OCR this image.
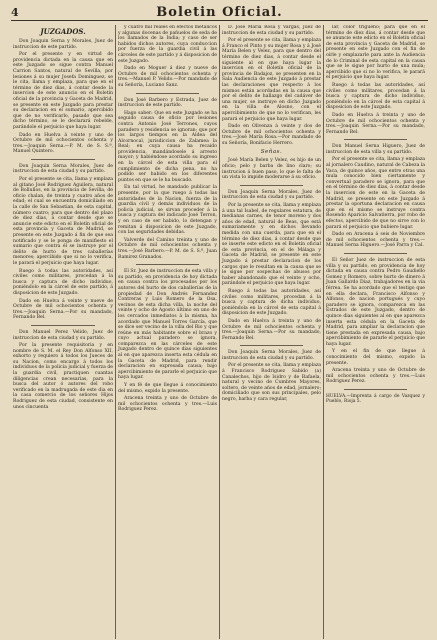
4	Boletin Oficial.
JUZGADOS.

Don Joaquin Serna y Morales, Juez de instruccion de este partido.

Por el presente y en virtud de providencia dictada en la causa que en este Juzgado se sigue contra Manuel Carrion Santos, natural de Sevilla, por lesiones á su mujer Josefa Dominguez, se le cita, llama y emplaza, para que en el término de diez dias, á contar desde la insercion de este anuncio en el Boletín oficial de la provincia y Gaceta de Madrid, se presente en este Juzgado para prestar su declaracion en el sumario, apercibido que de no verificarlo, pasado que sea dicho término, se le declarará rebelde, parándole el perjuicio que haya lugar.

Dado en Huelva á veinte y uno de Octubre de mil ochocientos ochenta y tres.—Joaquin Serna.—P. M. de S. S.ª, Manuel Quintero.

Don Joaquin Serna Morales, Juez de instruccion de esta ciudad y su partido.

Por el presente se cita, llama y emplaza al gitano José Rodriguez Aguilera, natural de Bollullos, en la provincia de Sevilla, de oficio chalan, de treinta y cuatro años de edad; el cual se encuentra domiciliado en la calle de San Sebastian, de esta capital, número cuatro; para que dentro del plazo de diez dias, á contar desde que se anuncie este edicto en el Boletín oficial de esta provincia y Gaceta de Madrid, se presente en este Juzgado á fin de que sea notificado y se le ponga de manifiesto el sumario que contra él se instruye por el delito de hurto de tres caballerías menores; apercibido que si no lo verifica, le parará el perjuicio que haya lugar.

Ruego á todas las autoridades, así civiles como militares, procedan á la busca y captura de dicho individuo, poniéndolo en la cárcel de este partido, á disposicion de este Juzgado.

Dado en Huelva á veinte y nueve de Octubre de mil ochocientos ochenta y tres.—Joaquin Serna.—Por su mandado, Fernando Bel.

Don Manuel Perez Velido, Juez de instruccion de esta ciudad y su partido.

Por la presente requisitoria y en nombre de S. M. el Rey Don Alfonso XII, exhorto y requiero á todos los Jueces de su Nacion, como encargo á todos los individuos de la policía judicial y fuerza de la guardia civil, practiquen cuantas diligencias crean necesarias, para la busca del autor ó autores del robo verificado en la madrugada de este dia en la casa comercio de los señores Hijos Rodriguez de esta ciudad, consistente en unos cincuenta

y cuatro mil reales en efectos metálicos y algunas docenas de pañuelos de seda de los llamados de la India; y caso de ser habidos dichos autores, cuya conduccion por fuerza de la guardia civil á las cárceles de este partido y á disposicion de este Juzgado.

Dado en Moguer á diez y nueve de Octubre de mil ochocientos ochenta y tres.—Manuel P. Velido.—Por mandado de su Señoría, Luciano Sanz.

Don José Barbero y Estrada, Juez de instruccion de este partido.

Hago saber: Que en este Juzgado se ha seguido causa de oficio por lesiones contra Antonio José Terrones, cuyos paradero y residencia se ignoran; que por los largos tiempos en la Aldea del Alcornocal, jurisdiccion de Zalamea la Real; en cuya causa ha recaido providencia, mandándosele á arresto mayor; y habiéndose acordado su ingreso en la cárcel de esta villa para el cumplimiento de dicha pena, no ha podido ser habido en los diferentes puntos en que se le ha buscado.

En tal virtud, he mandado publicar la presente, por la que ruego á todas las autoridades de la Nacion, fuerza de la guardia civil y demás individuos de la policía judicial, se sirvan proceder á la busca y captura del indicado José Terron, y en caso de ser habido, lo detengan y remitan á disposicion de este Juzgado, con las seguridades debidas.

Valverde del Camino treinta y uno de Octubre de mil ochocientos ochenta y tres.—José Barbero.—P. M. de S. S.ª, Juan Ramirez Granados.

El Sr. Juez de instruccion de esta villa y su partido, en providencia de hoy dictada en causa contra los procesados por los autores del hurto de dos caballerías de la propiedad de Don Andrés Fernandez Contreras y Luis Romero de la Osa, vecinos de esta dicha villa, la noche del veinte y ocho de Agosto último en uno de los cercados inmediatos á la misma, ha acordado que Manuel Torres García, que se dice ser vecino de la villa del Rio y que reúne en más habitante sobre el brazo y cuyo actual paradero se ignora, comparezca en las cárceles de este Juzgado dentro de quince dias siguientes al en que aparezca inserta esta cédula en la Gaceta de Madrid, para rendir declaracion en expresada causa; bajo apercibimiento de pararle el perjuicio que haya lugar.

Y en fé de que llegue á conocimiento del mismo, expido la presente.

Aracena treinta y uno de Octubre de mil ochocientos ochenta y tres.—Luis Rodriguez Perez.

D. José María Rosa y Vargas, Juez de instruccion de esta ciudad y su partido.

Por el presente se cita, llama y emplaza á Franco el Pinto y su mujer Rosa y á José María Belen y Velez, para que dentro del término de diez dias, á contar desde el siguiente al en que haya lugar la insercion en el Boletín oficial de la provincia de Badajoz, se presenten en la Sala Audiencia de este Juzgado á prestar las declaraciones que respecto á los mismos están acordadas en la causa que por el delito de hallazgo del cadáver de una mujer, se instruye en dicho Juzgado en la villa de Alosno, con el apercibimiento de que no lo verifican, les parará el perjuicio que haya lugar.

Dado en Olivenza á veinte y dos de Octubre de mil ochocientos ochenta y tres.—José María Rosa.—Por mandado de su Señoría, Bonifacio Herrero.

Señas.

José María Belen y Velez, es hijo de un oficio; pelo y barba de lino claro; su instrucion á buen paso, lo que le falta de un vista lo impide moderarse á su oficio.

Don Joaquin Serna Morales, Juez de instruccion de esta ciudad y su partido.

Por la presente se cita, llama y emplaza á una tal Isabel, de regulares estatura, de medianas carnes, de tenor moreno y dos años de edad, natural de Beas, que está sumariamente y en dichos llevando medida con una cuerda, para que en el término de diez dias, á contar desde que se inserte este edicto en el Boletín oficial de esta provincia, en el de Málaga y Gaceta de Madrid, se presente en este Juzgado á prestar declaracion de los cargos que le resultan en la causa que se le sigue por sospechas de abusos por haber abandonado que el veinte y ocho, parándole el perjuicio que haya lugar.

Ruego á todas las autoridades, así civiles como militares, procedan á la busca y captura de dicha individuo, poniéndola en la cárcel de esta capital á disposicion de este Juzgado.

Dado en Huelva á treinta y uno de Octubre de mil ochocientos ochenta y tres.—Joaquin Serna.—Por su mandado, Fernando Bel.

Don Joaquin Serna Morales, Juez de instruccion de esta ciudad y su partido.

Por el presente se cita, llama y emplaza á Francisco Rodriguez Sabido (a) Canalechos, hijo de Isidro y de Rafaela, natural y vecino de Cumbres Mayores, soltero, de veinte años de edad, jornalero; domiciliado que son sus principales, pelo negro, barba y cara regular,

lar, color trigueño; para que en el término de diez dias, á contar desde que se anuncie este edicto en el Boletín oficial de esta provincia y Gaceta de Madrid, se presente en este Juzgado con el fin de oírle y emplazarle para ante la Audiencia de lo Criminal de esta capital en la causa que se le sigue por hurto de una mula; apercibido que si no lo verifica, le parará el perjuicio que haya lugar.

Ruego á todas las autoridades, así civiles como militares, procedan á la busca y captura de dicho individuo, poniéndolo en la cárcel de esta capital á disposicion de este Juzgado.

Dado en Huelva á treinta y uno de Octubre de mil ochocientos ochenta y tres.—Joaquin Serna.—Por su mandado, Fernando Bel.

Don Manuel Serna Higuero, Juez de instruccion de esta villa y su partido.

Por el presente se cita, llama y emplaza al jornalero Caudino, natural de Cabeza la Vaca, de quince años, que entre otras una mula conocido bien ciertamente y convertual paradero se ignora, para que en el término de diez dias, á contar desde la insercion de este en la Gaceta de Madrid, se presente en este Juzgado á prestar la oportuna declaracion en causa que en el mismo se instruye contra Rosendo Aparicio Salvatierra, por robo de efectos, apercibido de que no sirve con lo parará el perjuicio que hubiere lugar.

Dado en Aracena á seis de Noviembre de mil ochocientos ochenta y tres.—Manuel Serna Higuero.—José Parra y Cal.

El Señor Juez de instruccion de esta villa y su partido, en providencia de hoy dictada en causa contra Pedro Gaudiello Gomez y Romero, sobre hurto de dinero á Juan Gallardo Diaz, trabajadores en la via férrea. Se ha acordado que el testigo que en ella declara, Francisco Alfonso y Alfonso, de nacion portugués y cuyo paradero se ignora, comparezca en las Estrados de este Juzgado, dentro de quince dias siguientes al en que aparezca inserta esta cédula en la Gaceta de Madrid, para ampliar la declaracion que tiene prestada en expresada causa, bajo apercibimiento de pararle el perjuicio que haya lugar.

Y en el fin de que llegue á conocimiento del mismo, expido la presente.

Aracena treinta y uno de Octubre de mil ochocientos ochenta y tres.—Luis Rodriguez Perez.

HUELVA.—Imprenta á cargo de Vazquez y Pueblo, Rioja 5.
